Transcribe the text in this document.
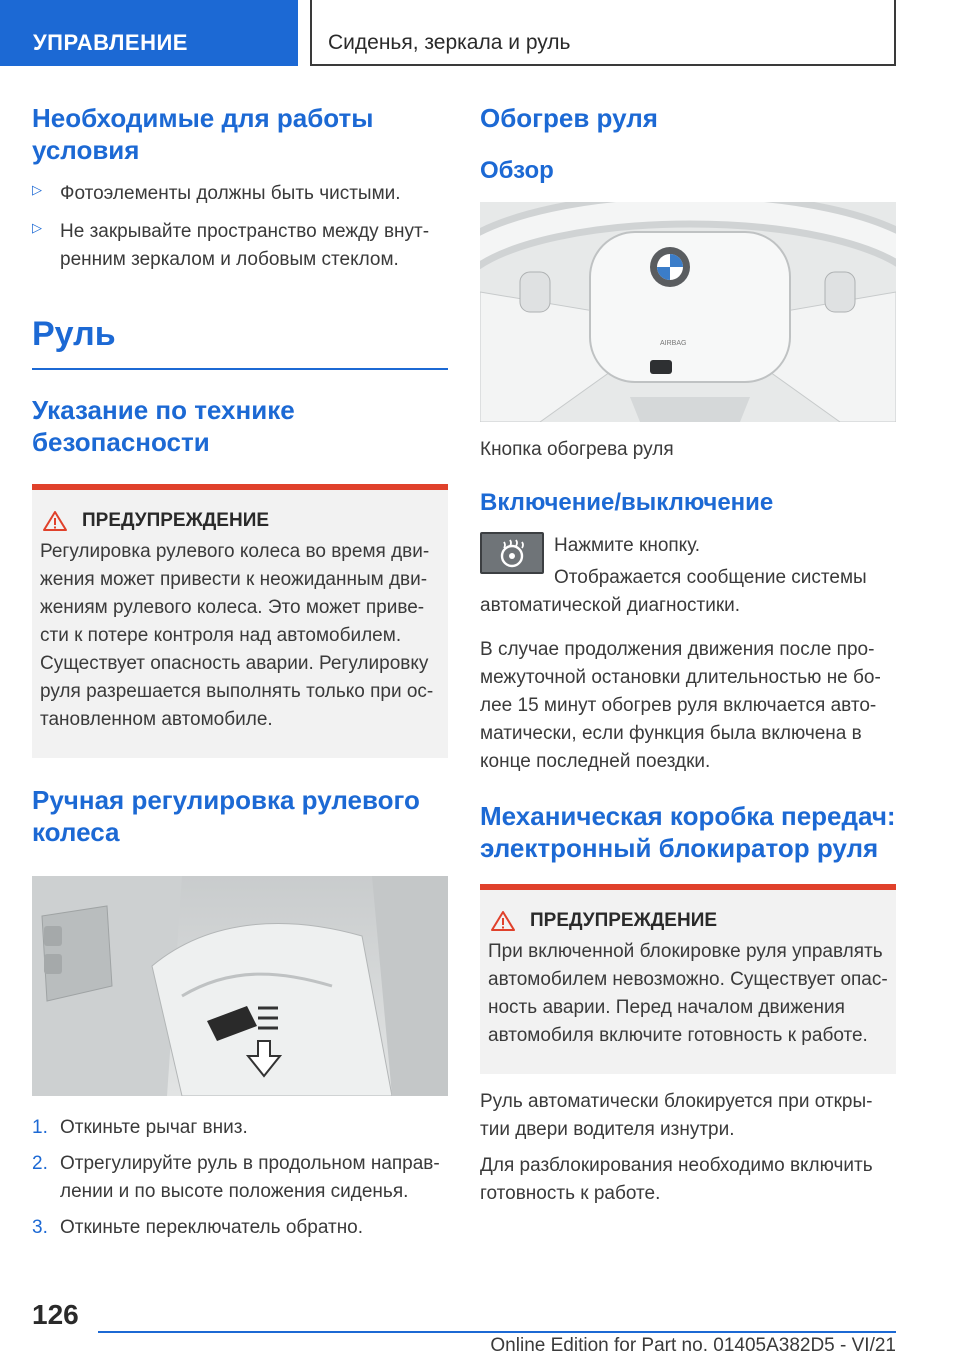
УПРАВЛЕНИЕ	Сиденья, зеркала и руль
Необходимые для работы условия
▷ Фотоэлементы должны быть чистыми.
▷ Не закрывайте пространство между внут-ренним зеркалом и лобовым стеклом.
Руль
Указание по технике безопасности
ПРЕДУПРЕЖДЕНИЕ

Регулировка рулевого колеса во время дви-жения может привести к неожиданным дви-жениям рулевого колеса. Это может приве-сти к потере контроля над автомобилем. Существует опасность аварии. Регулировку руля разрешается выполнять только при ос-тановленном автомобиле.

Ручная регулировка рулевого колеса
1. Откиньте рычаг вниз.
2. Отрегулируйте руль в продольном направ-лении и по высоте положения сиденья.
3. Откиньте переключатель обратно.
Обогрев руля
Обзор
AIRBAG

Кнопка обогрева руля

Включение/выключение

Нажмите кнопку.

Отображается сообщение системы автоматической диагностики.

В случае продолжения движения после про-межуточной остановки длительностью не бо-лее 15 минут обогрев руля включается авто-матически, если функция была включена в конце последней поездки.

Механическая коробка передач: электронный блокиратор руля
ПРЕДУПРЕЖДЕНИЕ

При включенной блокировке руля управлять автомобилем невозможно. Существует опас-ность аварии. Перед началом движения автомобиля включите готовность к работе.

Руль автоматически блокируется при откры-тии двери водителя изнутри.

Для разблокирования необходимо включить готовность к работе.

126
Online Edition for Part no. 01405A382D5 - VI/21
